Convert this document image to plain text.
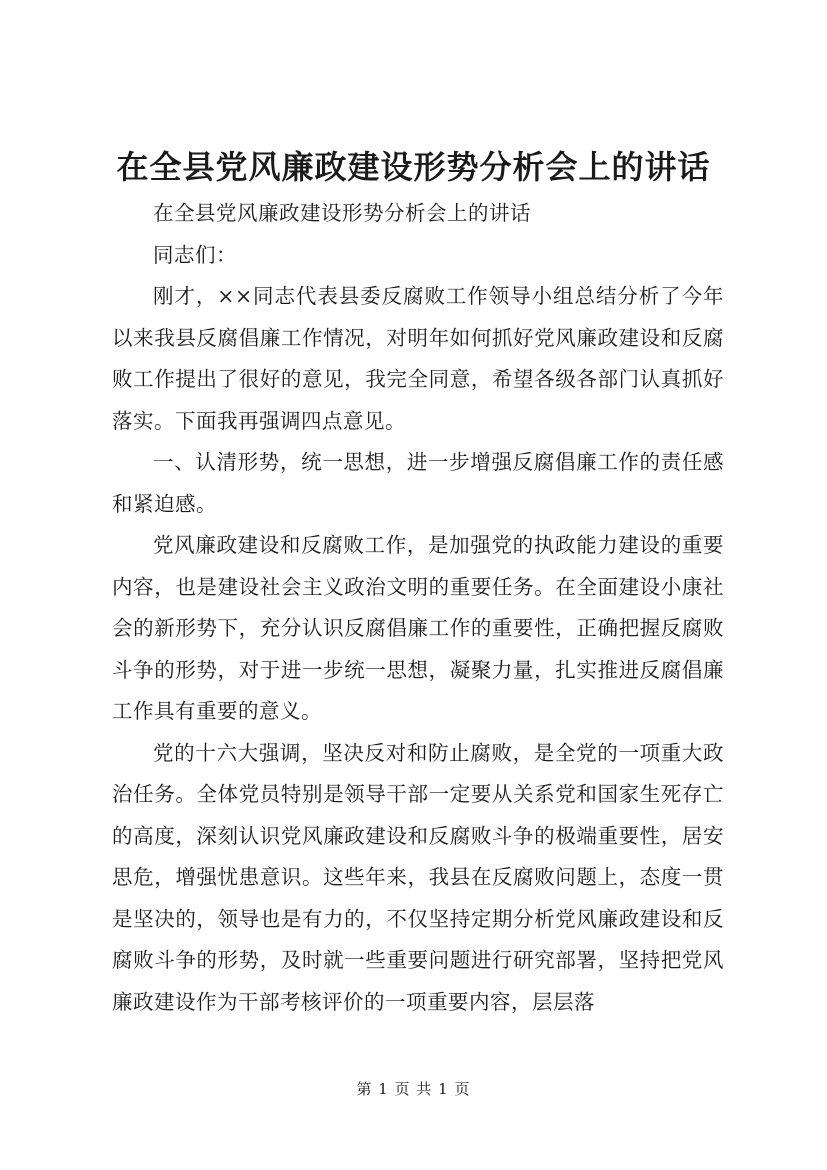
在全县党风廉政建设形势分析会上的讲话

在全县党风廉政建设形势分析会上的讲话

同志们：

刚才，××同志代表县委反腐败工作领导小组总结分析了今年以来我县反腐倡廉工作情况，对明年如何抓好党风廉政建设和反腐败工作提出了很好的意见，我完全同意，希望各级各部门认真抓好落实。下面我再强调四点意见。

一、认清形势，统一思想，进一步增强反腐倡廉工作的责任感和紧迫感。

党风廉政建设和反腐败工作，是加强党的执政能力建设的重要内容，也是建设社会主义政治文明的重要任务。在全面建设小康社会的新形势下，充分认识反腐倡廉工作的重要性，正确把握反腐败斗争的形势，对于进一步统一思想，凝聚力量，扎实推进反腐倡廉工作具有重要的意义。

党的十六大强调，坚决反对和防止腐败，是全党的一项重大政治任务。全体党员特别是领导干部一定要从关系党和国家生死存亡的高度，深刻认识党风廉政建设和反腐败斗争的极端重要性，居安思危，增强忧患意识。这些年来，我县在反腐败问题上，态度一贯是坚决的，领导也是有力的，不仅坚持定期分析党风廉政建设和反腐败斗争的形势，及时就一些重要问题进行研究部署，坚持把党风廉政建设作为干部考核评价的一项重要内容，层层落

第 1 页 共 1 页
